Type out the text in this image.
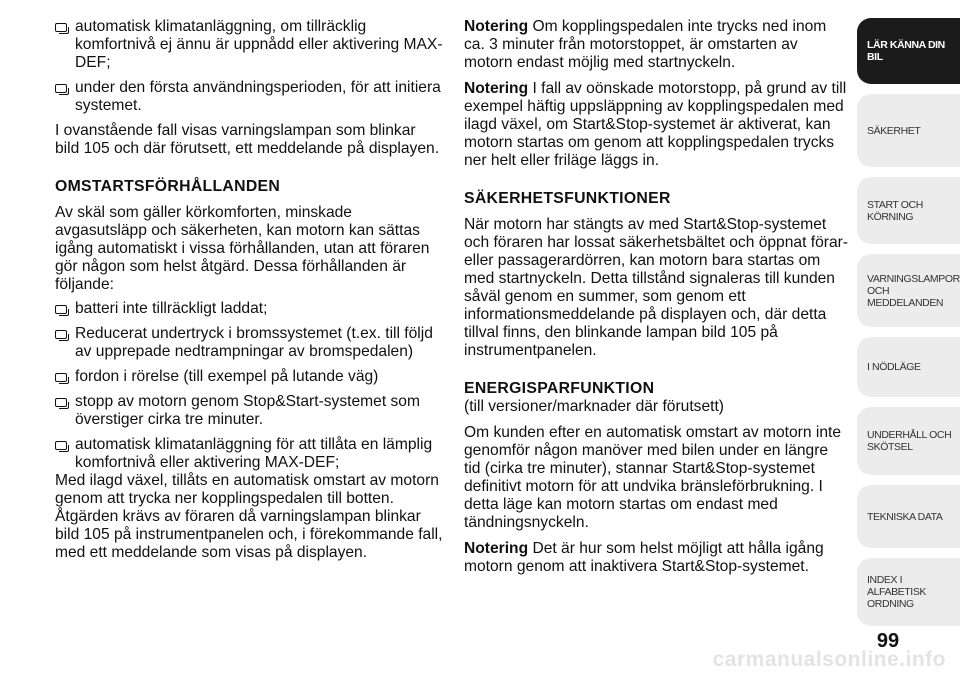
automatisk klimatanläggning, om tillräcklig komfortnivå ej ännu är uppnådd eller aktivering MAX-DEF;
under den första användningsperioden, för att initiera systemet.

I ovanstående fall visas varningslampan som blinkar bild 105 och där förutsett, ett meddelande på displayen.

OMSTARTSFÖRHÅLLANDEN

Av skäl som gäller körkomforten, minskade avgasutsläpp och säkerheten, kan motorn kan sättas igång automatiskt i vissa förhållanden, utan att föraren gör någon som helst åtgärd. Dessa förhållanden är följande:

batteri inte tillräckligt laddat;
Reducerat undertryck i bromssystemet (t.ex. till följd av upprepade nedtrampningar av bromspedalen)
fordon i rörelse (till exempel på lutande väg)
stopp av motorn genom Stop&Start-systemet som överstiger cirka tre minuter.
automatisk klimatanläggning för att tillåta en lämplig komfortnivå eller aktivering MAX-DEF;

Med ilagd växel, tillåts en automatisk omstart av motorn genom att trycka ner kopplingspedalen till botten. Åtgärden krävs av föraren då varningslampan blinkar bild 105 på instrumentpanelen och, i förekommande fall, med ett meddelande som visas på displayen.

Notering Om kopplingspedalen inte trycks ned inom ca. 3 minuter från motorstoppet, är omstarten av motorn endast möjlig med startnyckeln.

Notering I fall av oönskade motorstopp, på grund av till exempel häftig uppsläppning av kopplingspedalen med ilagd växel, om Start&Stop-systemet är aktiverat, kan motorn startas om genom att kopplingspedalen trycks ner helt eller friläge läggs in.

SÄKERHETSFUNKTIONER

När motorn har stängts av med Start&Stop-systemet och föraren har lossat säkerhetsbältet och öppnat förar- eller passagerardörren, kan motorn bara startas om med startnyckeln. Detta tillstånd signaleras till kunden såväl genom en summer, som genom ett informationsmeddelande på displayen och, där detta tillval finns, den blinkande lampan bild 105 på instrumentpanelen.

ENERGISPARFUNKTION

(till versioner/marknader där förutsett)

Om kunden efter en automatisk omstart av motorn inte genomför någon manöver med bilen under en längre tid (cirka tre minuter), stannar Start&Stop-systemet definitivt motorn för att undvika bränsleförbrukning. I detta läge kan motorn startas om endast med tändningsnyckeln.

Notering Det är hur som helst möjligt att hålla igång motorn genom att inaktivera Start&Stop-systemet.

LÄR KÄNNA DIN
BIL
SÄKERHET
START OCH
KÖRNING
VARNINGSLAMPOR
OCH
MEDDELANDEN
I NÖDLÄGE
UNDERHÅLL OCH
SKÖTSEL
TEKNISKA DATA
INDEX I ALFABETISK
ORDNING
99
carmanualsonline.info
